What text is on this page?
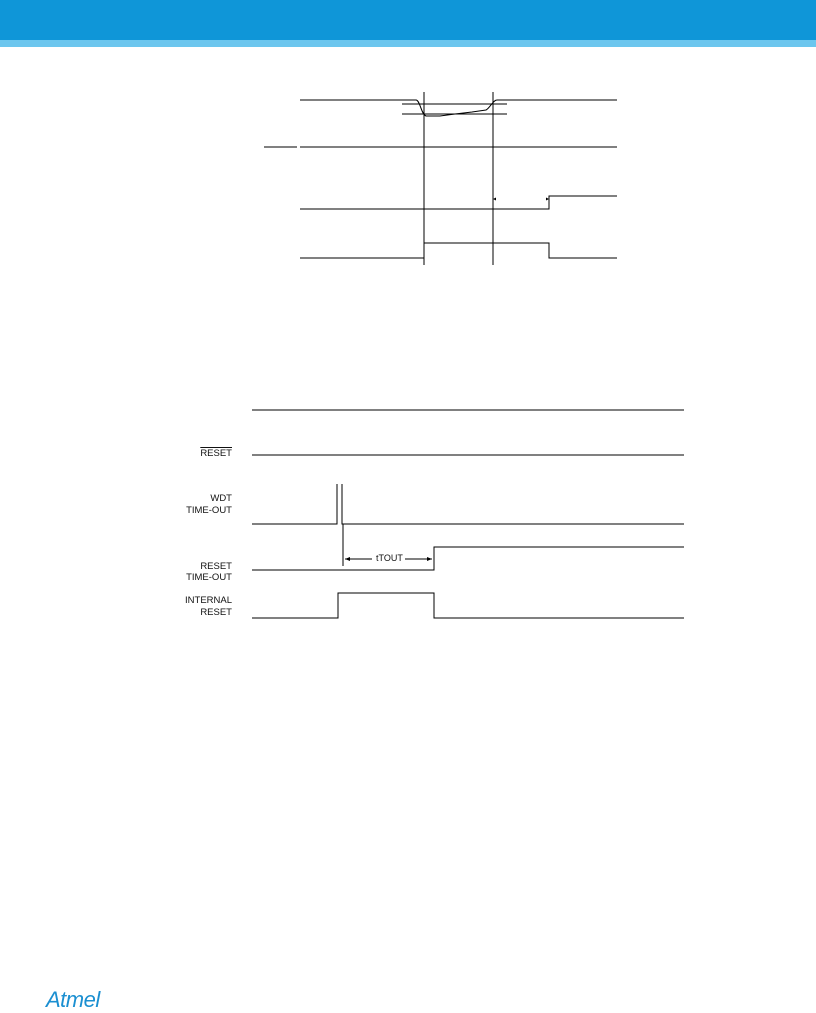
RESET
WDT
TIME-OUT
RESET
TIME-OUT
INTERNAL
RESET
tTOUT
Atmel
